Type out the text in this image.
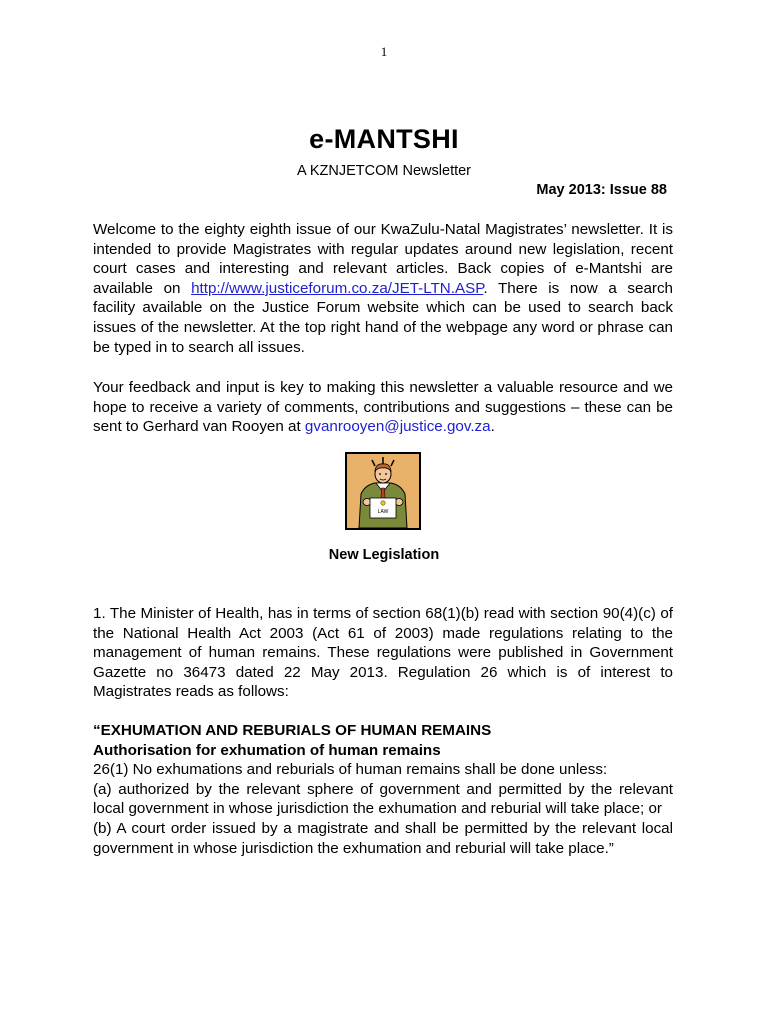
1
e-MANTSHI
A KZNJETCOM Newsletter
May 2013: Issue 88
Welcome to the eighty eighth issue of our KwaZulu-Natal Magistrates’ newsletter. It is intended to provide Magistrates with regular updates around new legislation, recent court cases and interesting and relevant articles. Back copies of e-Mantshi are available on http://www.justiceforum.co.za/JET-LTN.ASP. There is now a search facility available on the Justice Forum website which can be used to search back issues of the newsletter. At the top right hand of the webpage any word or phrase can be typed in to search all issues.
Your feedback and input is key to making this newsletter a valuable resource and we hope to receive a variety of comments, contributions and suggestions – these can be sent to Gerhard van Rooyen at gvanrooyen@justice.gov.za.
LAW
New Legislation
1. The Minister of Health, has in terms of section 68(1)(b) read with section 90(4)(c) of the National Health Act 2003 (Act 61 of 2003) made regulations relating to the management of human remains. These regulations were published in Government Gazette no 36473 dated 22 May 2013. Regulation 26 which is of interest to Magistrates reads as follows:
“EXHUMATION AND REBURIALS OF HUMAN REMAINS
Authorisation for exhumation of human remains
26(1) No exhumations and reburials of human remains shall be done unless:
(a) authorized by the relevant sphere of government and permitted by the relevant local government in whose jurisdiction the exhumation and reburial will take place; or
(b) A court order issued by a magistrate and shall be permitted by the relevant local government in whose jurisdiction the exhumation and reburial will take place.”
